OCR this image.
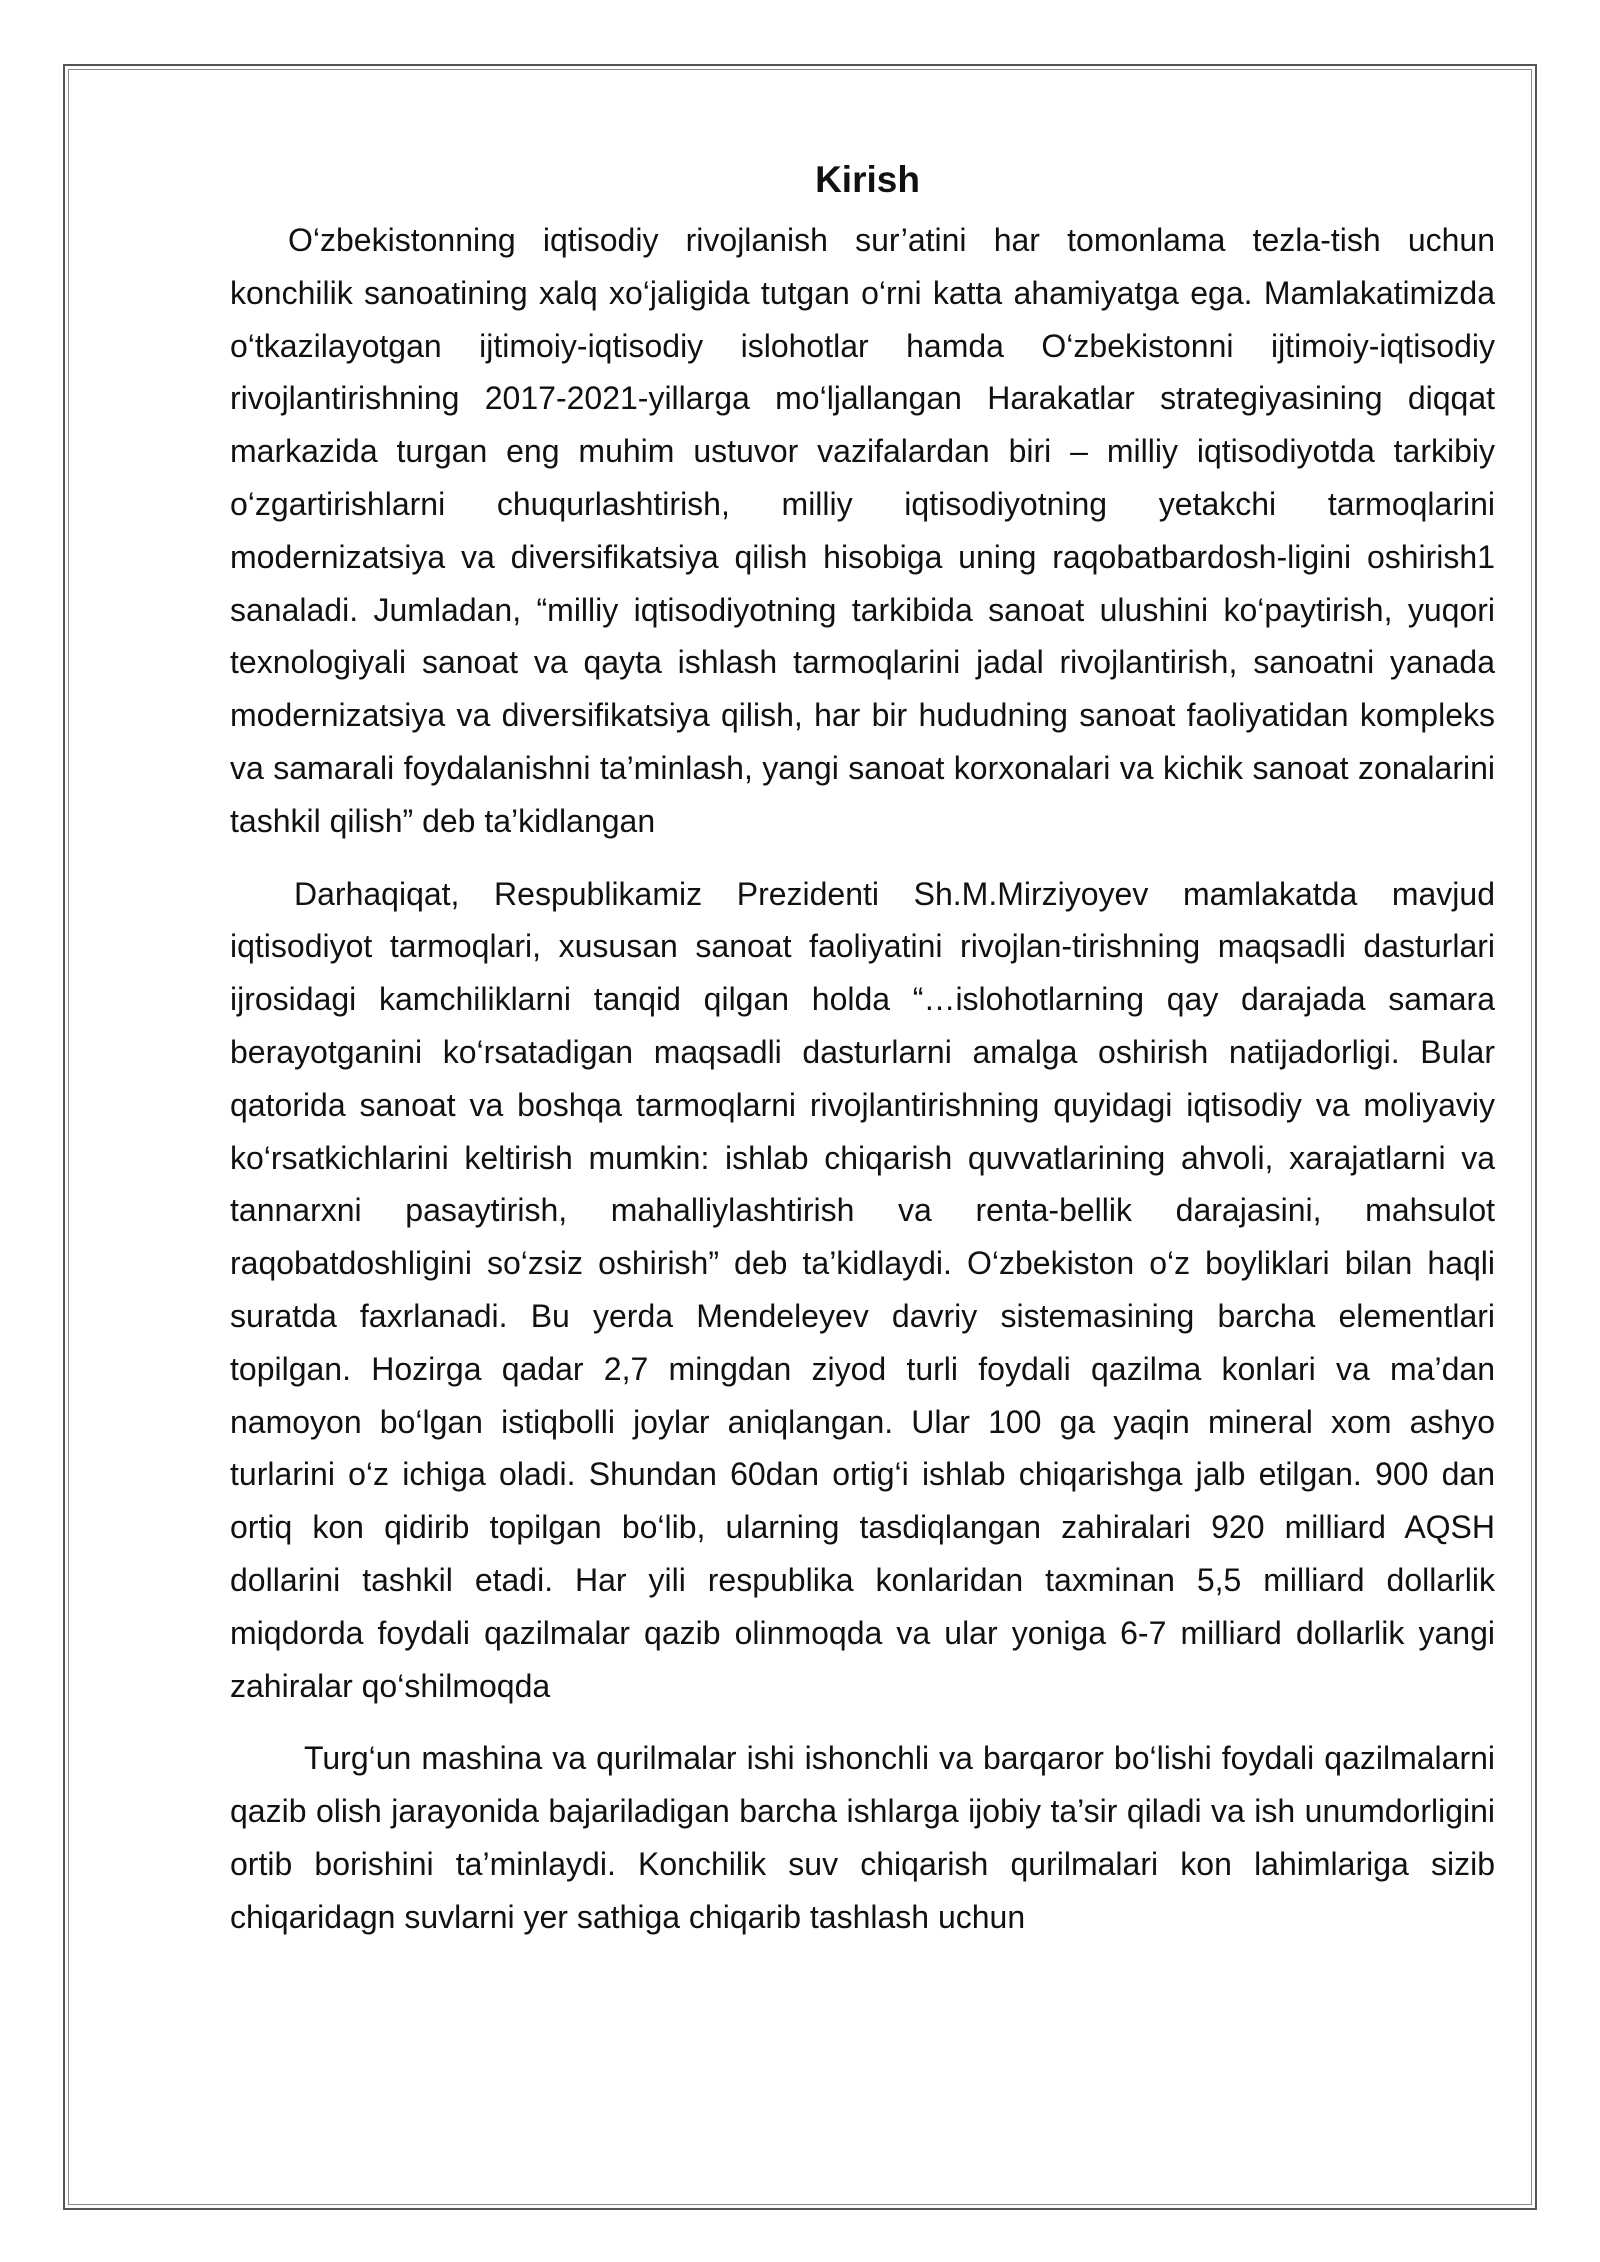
Kirish

O‘zbekistonning iqtisodiy rivojlanish sur’atini har tomonlama tezla-tish uchun konchilik sanoatining xalq xo‘jaligida tutgan o‘rni katta ahamiyatga ega. Mamlakatimizda o‘tkazilayotgan ijtimoiy-iqtisodiy islohotlar hamda O‘zbekistonni ijtimoiy-iqtisodiy rivojlantirishning 2017-2021-yillarga mo‘ljallangan Harakatlar strategiyasining diqqat markazida turgan eng muhim ustuvor vazifalardan biri – milliy iqtisodiyotda tarkibiy o‘zgartirishlarni chuqurlashtirish, milliy iqtisodiyotning yetakchi tarmoqlarini modernizatsiya va diversifikatsiya qilish hisobiga uning raqobatbardosh-ligini oshirish1 sanaladi. Jumladan, “milliy iqtisodiyotning tarkibida sanoat ulushini ko‘paytirish, yuqori texnologiyali sanoat va qayta ishlash tarmoqlarini jadal rivojlantirish, sanoatni yanada modernizatsiya va diversifikatsiya qilish, har bir hududning sanoat faoliyatidan kompleks va samarali foydalanishni ta’minlash, yangi sanoat korxonalari va kichik sanoat zonalarini tashkil qilish” deb ta’kidlangan

Darhaqiqat, Respublikamiz Prezidenti Sh.M.Mirziyoyev mamlakatda mavjud iqtisodiyot tarmoqlari, xususan sanoat faoliyatini rivojlan-tirishning maqsadli dasturlari ijrosidagi kamchiliklarni tanqid qilgan holda “…islohotlarning qay darajada samara berayotganini ko‘rsatadigan maqsadli dasturlarni amalga oshirish natijadorligi. Bular qatorida sanoat va boshqa tarmoqlarni rivojlantirishning quyidagi iqtisodiy va moliyaviy ko‘rsatkichlarini keltirish mumkin: ishlab chiqarish quvvatlarining ahvoli, xarajatlarni va tannarxni pasaytirish, mahalliylashtirish va renta-bellik darajasini, mahsulot raqobatdoshligini so‘zsiz oshirish” deb ta’kidlaydi. O‘zbekiston o‘z boyliklari bilan haqli suratda faxrlanadi. Bu yerda Mendeleyev davriy sistemasining barcha elementlari topilgan. Hozirga qadar 2,7 mingdan ziyod turli foydali qazilma konlari va ma’dan namoyon bo‘lgan istiqbolli joylar aniqlangan. Ular 100 ga yaqin mineral xom ashyo turlarini o‘z ichiga oladi. Shundan 60dan ortig‘i ishlab chiqarishga jalb etilgan. 900 dan ortiq kon qidirib topilgan bo‘lib, ularning tasdiqlangan zahiralari 920 milliard AQSH dollarini tashkil etadi. Har yili respublika konlaridan taxminan 5,5 milliard dollarlik miqdorda foydali qazilmalar qazib olinmoqda va ular yoniga 6-7 milliard dollarlik yangi zahiralar qo‘shilmoqda

Turg‘un mashina va qurilmalar ishi ishonchli va barqaror bo‘lishi foydali qazilmalarni qazib olish jarayonida bajariladigan barcha ishlarga ijobiy ta’sir qiladi va ish unumdorligini ortib borishini ta’minlaydi. Konchilik suv chiqarish qurilmalari kon lahimlariga sizib chiqaridagn suvlarni yer sathiga chiqarib tashlash uchun
